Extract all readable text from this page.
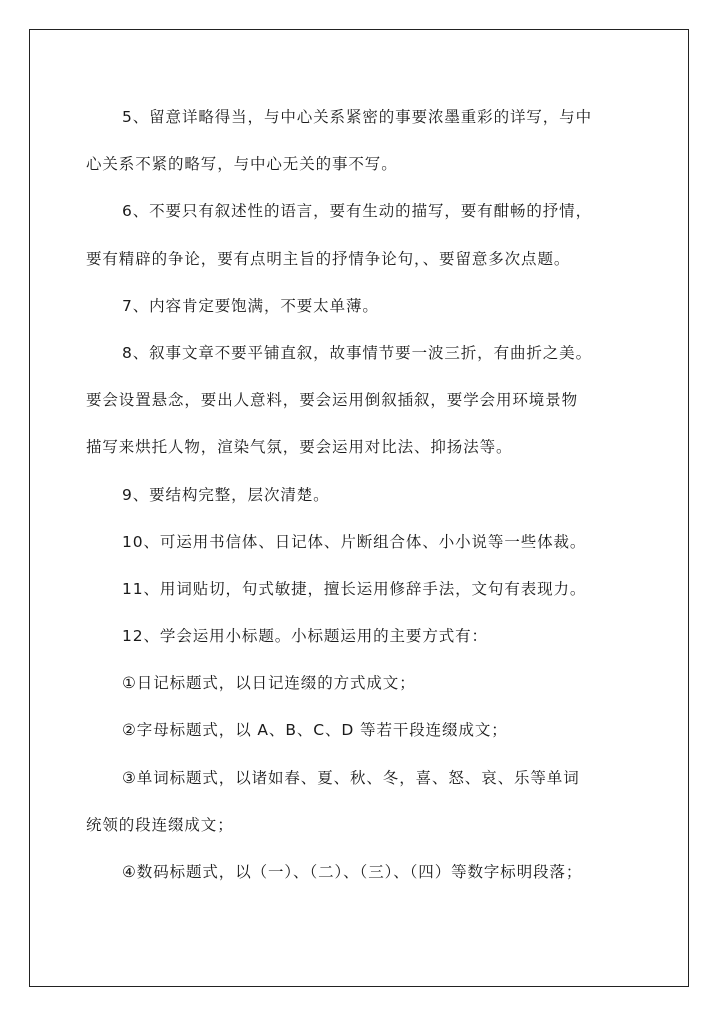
5、留意详略得当，与中心关系紧密的事要浓墨重彩的详写，与中
心关系不紧的略写，与中心无关的事不写。
6、不要只有叙述性的语言，要有生动的描写，要有酣畅的抒情，
要有精辟的争论，要有点明主旨的抒情争论句，、要留意多次点题。
7、内容肯定要饱满，不要太单薄。
8、叙事文章不要平铺直叙，故事情节要一波三折，有曲折之美。
要会设置悬念，要出人意料，要会运用倒叙插叙，要学会用环境景物
描写来烘托人物，渲染气氛，要会运用对比法、抑扬法等。
9、要结构完整，层次清楚。
10、可运用书信体、日记体、片断组合体、小小说等一些体裁。
11、用词贴切，句式敏捷，擅长运用修辞手法，文句有表现力。
12、学会运用小标题。小标题运用的主要方式有：
①日记标题式，以日记连缀的方式成文；
②字母标题式，以 A、B、C、D 等若干段连缀成文；
③单词标题式，以诸如春、夏、秋、冬，喜、怒、哀、乐等单词
统领的段连缀成文；
④数码标题式，以（一）、（二）、（三）、（四）等数字标明段落；
